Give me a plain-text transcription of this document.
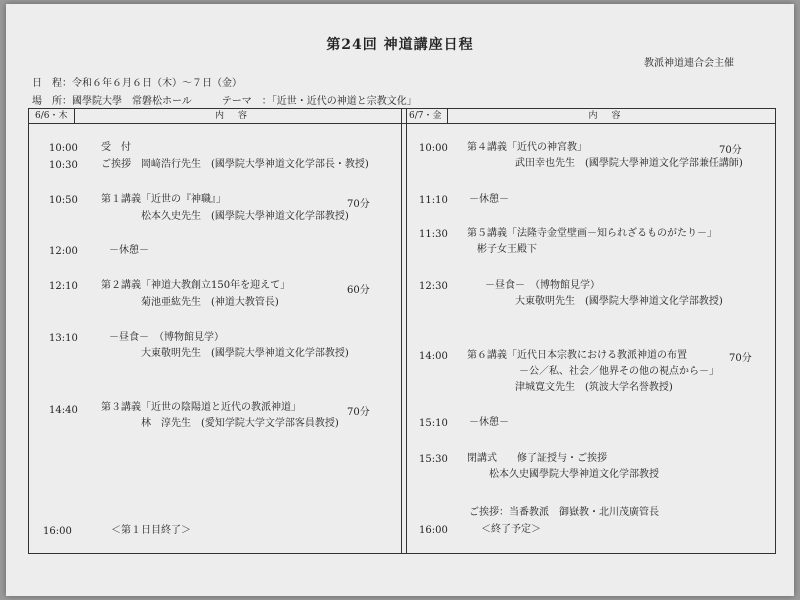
第24回 神道講座日程
教派神道連合会主催
日　程：令和６年６月６日（木）～７日（金）
場　所：國學院大學　常磐松ホール	テーマ　：「近世・近代の神道と宗教文化」
6/6・木	内容	6/7・金	内容
10:00 受　付
10:30 ご挨拶　岡﨑浩行先生　(國學院大學神道文化学部長・教授)
10:50 第１講義「近世の『神職』」	70分
松本久史先生　(國學院大學神道文化学部教授)
12:00	－休憩－
12:10 第２講義「神道大教創立150年を迎えて」	60分
菊池亜紘先生　(神道大教管長)
13:10	－昼食－　（博物館見学）
大東敬明先生　(國學院大學神道文化学部教授)
14:40 第３講義「近世の陰陽道と近代の教派神道」	70分
林　淳先生　(愛知学院大学文学部客員教授)
16:00	＜第１日目終了＞
10:00 第４講義「近代の神宮教」	70分
武田幸也先生　(國學院大學神道文化学部兼任講師)
11:10 －休憩－
11:30 第５講義「法隆寺金堂壁画－知られざるものがたり－」
彬子女王殿下
12:30	－昼食－　（博物館見学）
大東敬明先生　(國學院大學神道文化学部教授)
14:00 第６講義「近代日本宗教における教派神道の布置	70分
－公／私、社会／他界その他の視点から－」
津城寛文先生　(筑波大学名誉教授)
15:10 －休憩－
15:30 閉講式　　修了証授与・ご挨拶
松本久史國學院大學神道文化学部教授
ご挨拶：当番教派　御嶽教・北川茂廣管長
16:00	＜終了予定＞
